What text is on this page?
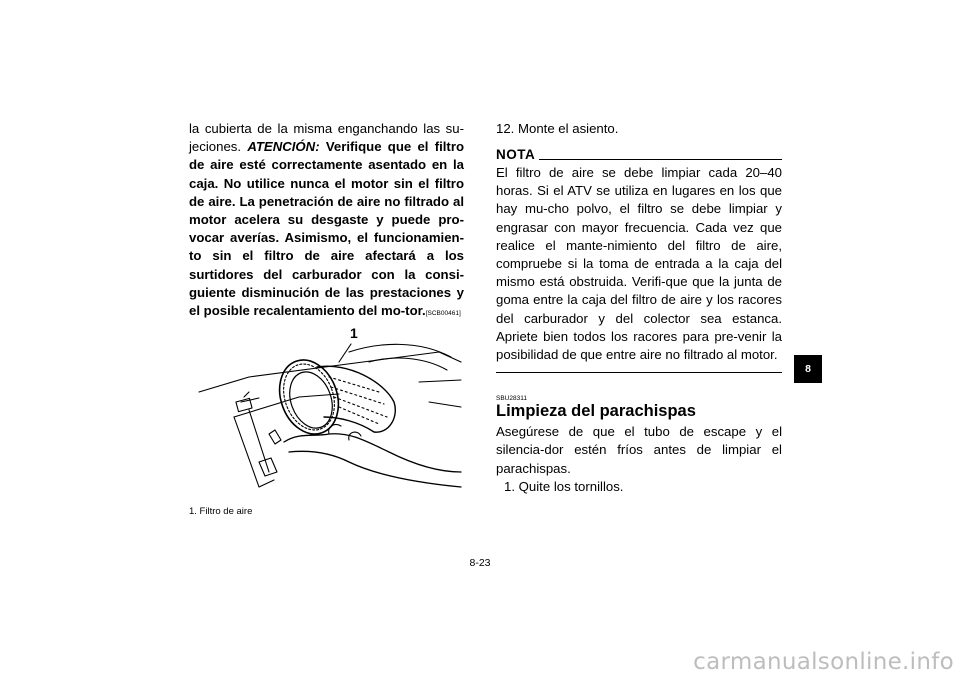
la cubierta de la misma enganchando las su-jeciones. ATENCIÓN: Verifique que el filtro de aire esté correctamente asentado en la caja. No utilice nunca el motor sin el filtro de aire. La penetración de aire no filtrado al motor acelera su desgaste y puede pro-vocar averías. Asimismo, el funcionamien-to sin el filtro de aire afectará a los surtidores del carburador con la consi-guiente disminución de las prestaciones y el posible recalentamiento del mo-tor.[SCB00461]

1
1. Filtro de aire

12. Monte el asiento.

NOTA

El filtro de aire se debe limpiar cada 20–40 horas. Si el ATV se utiliza en lugares en los que hay mu-cho polvo, el filtro se debe limpiar y engrasar con mayor frecuencia. Cada vez que realice el mante-nimiento del filtro de aire, compruebe si la toma de entrada a la caja del mismo está obstruida. Verifi-que que la junta de goma entre la caja del filtro de aire y los racores del carburador y del colector sea estanca. Apriete bien todos los racores para pre-venir la posibilidad de que entre aire no filtrado al motor.

SBU28311
Limpieza del parachispas

Asegúrese de que el tubo de escape y el silencia-dor estén fríos antes de limpiar el parachispas.

1. Quite los tornillos.

8-23
8
carmanualsonline.info
